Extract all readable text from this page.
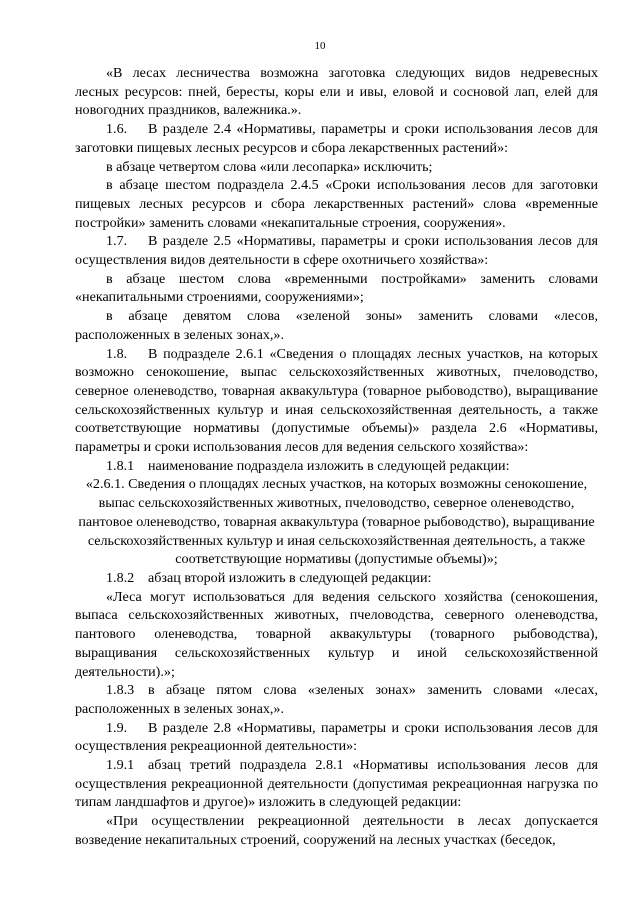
10

«В лесах лесничества возможна заготовка следующих видов недревесных лесных ресурсов: пней, бересты, коры ели и ивы, еловой и сосновой лап, елей для новогодних праздников, валежника.».

1.6. В разделе 2.4 «Нормативы, параметры и сроки использования лесов для заготовки пищевых лесных ресурсов и сбора лекарственных растений»:

в абзаце четвертом слова «или лесопарка» исключить;

в абзаце шестом подраздела 2.4.5 «Сроки использования лесов для заготовки пищевых лесных ресурсов и сбора лекарственных растений» слова «временные постройки» заменить словами «некапитальные строения, сооружения».

1.7. В разделе 2.5 «Нормативы, параметры и сроки использования лесов для осуществления видов деятельности в сфере охотничьего хозяйства»:

в абзаце шестом слова «временными постройками» заменить словами «некапитальными строениями, сооружениями»;

в абзаце девятом слова «зеленой зоны» заменить словами «лесов, расположенных в зеленых зонах,».

1.8. В подразделе 2.6.1 «Сведения о площадях лесных участков, на которых возможно сенокошение, выпас сельскохозяйственных животных, пчеловодство, северное оленеводство, товарная аквакультура (товарное рыбоводство), выращивание сельскохозяйственных культур и иная сельскохозяйственная деятельность, а также соответствующие нормативы (допустимые объемы)» раздела 2.6 «Нормативы, параметры и сроки использования лесов для ведения сельского хозяйства»:

1.8.1 наименование подраздела изложить в следующей редакции:

«2.6.1. Сведения о площадях лесных участков, на которых возможны сенокошение, выпас сельскохозяйственных животных, пчеловодство, северное оленеводство, пантовое оленеводство, товарная аквакультура (товарное рыбоводство), выращивание сельскохозяйственных культур и иная сельскохозяйственная деятельность, а также соответствующие нормативы (допустимые объемы)»;

1.8.2 абзац второй изложить в следующей редакции:

«Леса могут использоваться для ведения сельского хозяйства (сенокошения, выпаса сельскохозяйственных животных, пчеловодства, северного оленеводства, пантового оленеводства, товарной аквакультуры (товарного рыбоводства), выращивания сельскохозяйственных культур и иной сельскохозяйственной деятельности).»;

1.8.3 в абзаце пятом слова «зеленых зонах» заменить словами «лесах, расположенных в зеленых зонах,».

1.9. В разделе 2.8 «Нормативы, параметры и сроки использования лесов для осуществления рекреационной деятельности»:

1.9.1 абзац третий подраздела 2.8.1 «Нормативы использования лесов для осуществления рекреационной деятельности (допустимая рекреационная нагрузка по типам ландшафтов и другое)» изложить в следующей редакции:

«При осуществлении рекреационной деятельности в лесах допускается возведение некапитальных строений, сооружений на лесных участках (беседок,
